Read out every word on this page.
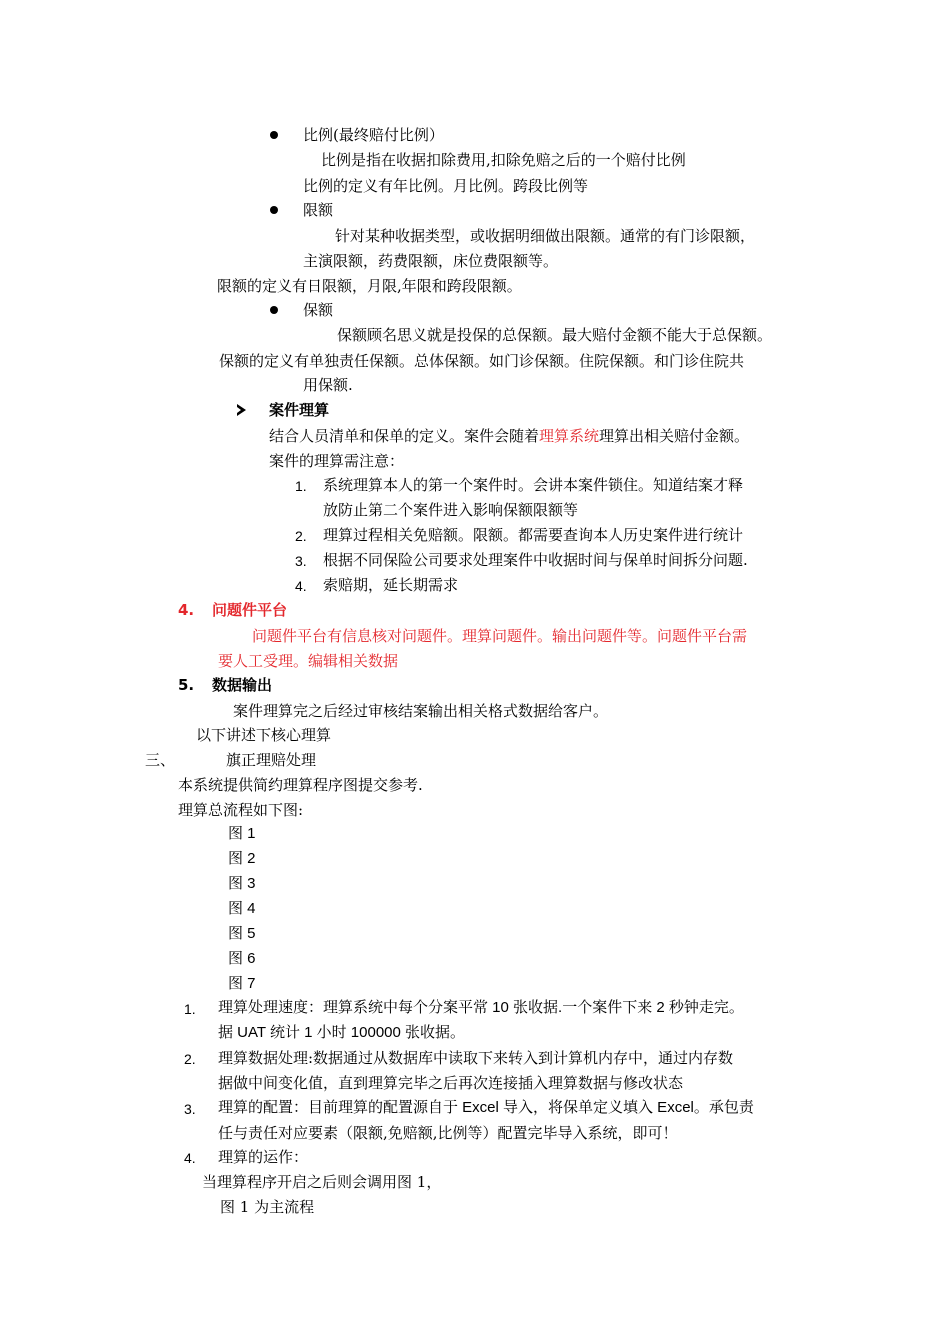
比例(最终赔付比例）
比例是指在收据扣除费用,扣除免赔之后的一个赔付比例
比例的定义有年比例。月比例。跨段比例等
限额
针对某种收据类型，或收据明细做出限额。通常的有门诊限额，
主演限额，药费限额，床位费限额等。
限额的定义有日限额，月限,年限和跨段限额。
保额
保额顾名思义就是投保的总保额。最大赔付金额不能大于总保额。
保额的定义有单独责任保额。总体保额。如门诊保额。住院保额。和门诊住院共
用保额.
案件理算
结合人员清单和保单的定义。案件会随着理算系统理算出相关赔付金额。
案件的理算需注意：
1. 系统理算本人的第一个案件时。会讲本案件锁住。知道结案才释
放防止第二个案件进入影响保额限额等
2. 理算过程相关免赔额。限额。都需要查询本人历史案件进行统计
3. 根据不同保险公司要求处理案件中收据时间与保单时间拆分问题.
4. 索赔期，延长期需求
4. 问题件平台
问题件平台有信息核对问题件。理算问题件。输出问题件等。问题件平台需
要人工受理。编辑相关数据
5. 数据输出
案件理算完之后经过审核结案输出相关格式数据给客户。
以下讲述下核心理算
三、	旗正理赔处理
本系统提供简约理算程序图提交参考.
理算总流程如下图:
图 1
图 2
图 3
图 4
图 5
图 6
图 7
1. 理算处理速度：理算系统中每个分案平常 10 张收据.一个案件下来 2 秒钟走完。
据 UAT 统计 1 小时 100000 张收据。
2. 理算数据处理:数据通过从数据库中读取下来转入到计算机内存中，通过内存数
据做中间变化值，直到理算完毕之后再次连接插入理算数据与修改状态
3. 理算的配置：目前理算的配置源自于 Excel 导入，将保单定义填入 Excel。承包责
任与责任对应要素（限额,免赔额,比例等）配置完毕导入系统，即可！
4. 理算的运作：
当理算程序开启之后则会调用图 1，
图 1 为主流程
